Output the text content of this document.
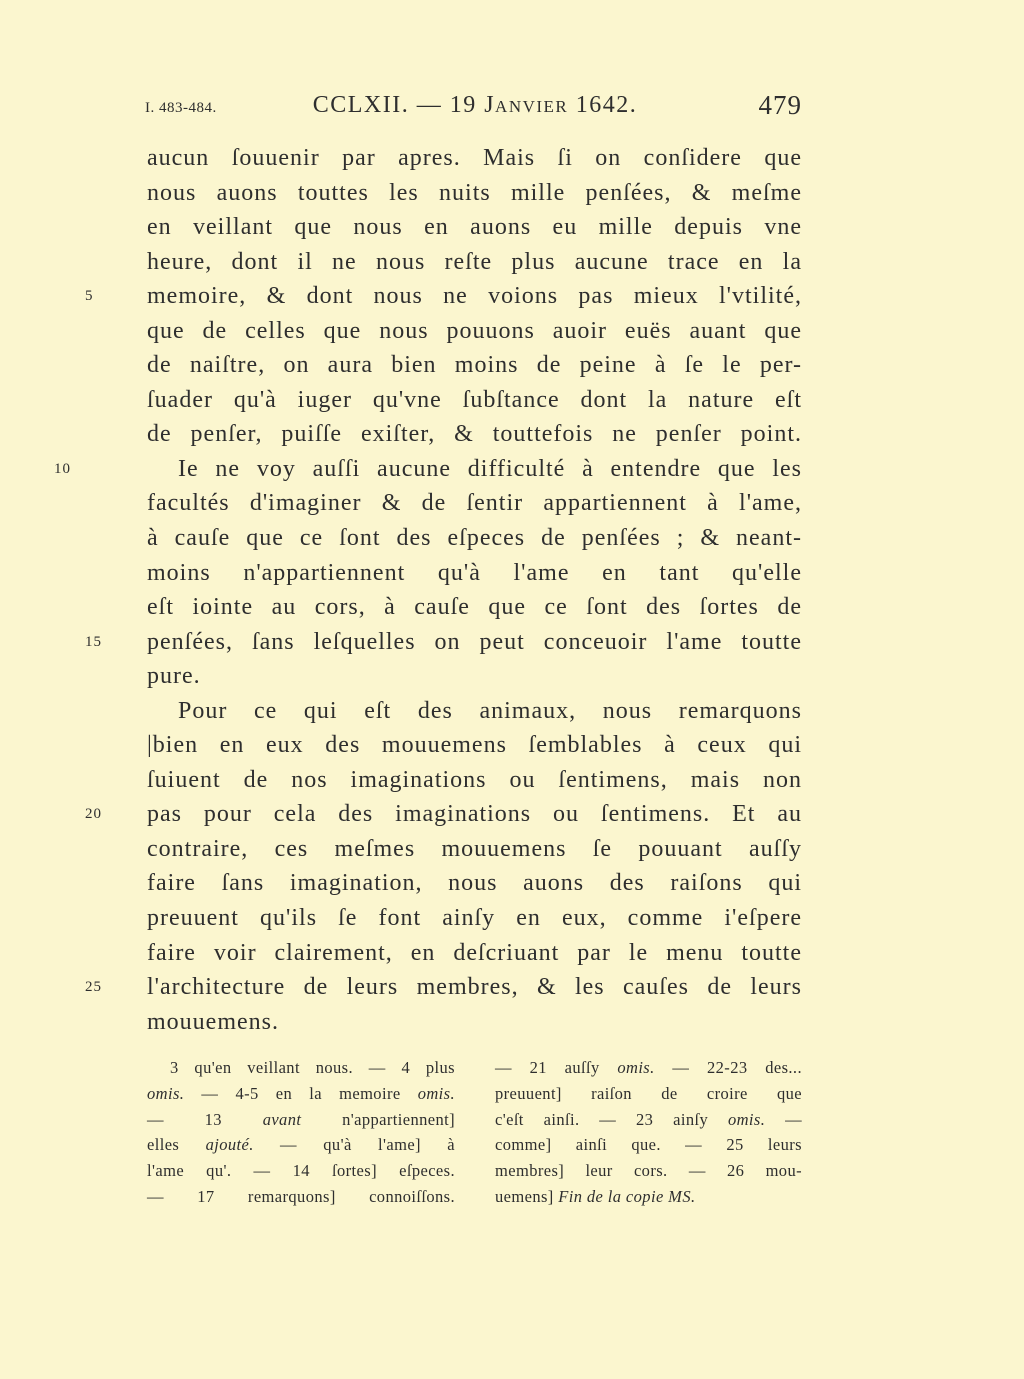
I. 483-484.	CCLXII. — 19 Janvier 1642.	479
aucun ſouuenir par apres. Mais ſi on conſidere que
nous auons touttes les nuits mille penſées, & meſme
en veillant que nous en auons eu mille depuis vne
heure, dont il ne nous reſte plus aucune trace en la
5	memoire, & dont nous ne voions pas mieux l'vtilité,
que de celles que nous pouuons auoir euës auant que
de naiſtre, on aura bien moins de peine à ſe le per-
ſuader qu'à iuger qu'vne ſubſtance dont la nature eſt
de penſer, puiſſe exiſter, & touttefois ne penſer point.
10	Ie ne voy auſſi aucune difficulté à entendre que les
facultés d'imaginer & de ſentir appartiennent à l'ame,
à cauſe que ce ſont des eſpeces de penſées ; & neant-
moins n'appartiennent qu'à l'ame en tant qu'elle
eſt iointe au cors, à cauſe que ce ſont des ſortes de
15	penſées, ſans leſquelles on peut conceuoir l'ame toutte
pure.
Pour ce qui eſt des animaux, nous remarquons
|bien en eux des mouuemens ſemblables à ceux qui
ſuiuent de nos imaginations ou ſentimens, mais non
20	pas pour cela des imaginations ou ſentimens. Et au
contraire, ces meſmes mouuemens ſe pouuant auſſy
faire ſans imagination, nous auons des raiſons qui
preuuent qu'ils ſe font ainſy en eux, comme i'eſpere
faire voir clairement, en deſcriuant par le menu toutte
25	l'architecture de leurs membres, & les cauſes de leurs
mouuemens.
3 qu'en veillant nous. — 4 plus
omis. — 4-5 en la memoire omis.
— 13 avant n'appartiennent]
elles ajouté. — qu'à l'ame] à
l'ame qu'. — 14 ſortes] eſpeces.
— 17 remarquons] connoiſſons.
— 21 auſſy omis. — 22-23 des...
preuuent] raiſon de croire que
c'eſt ainſi. — 23 ainſy omis. —
comme] ainſi que. — 25 leurs
membres] leur cors. — 26 mou-
uemens] Fin de la copie MS.
